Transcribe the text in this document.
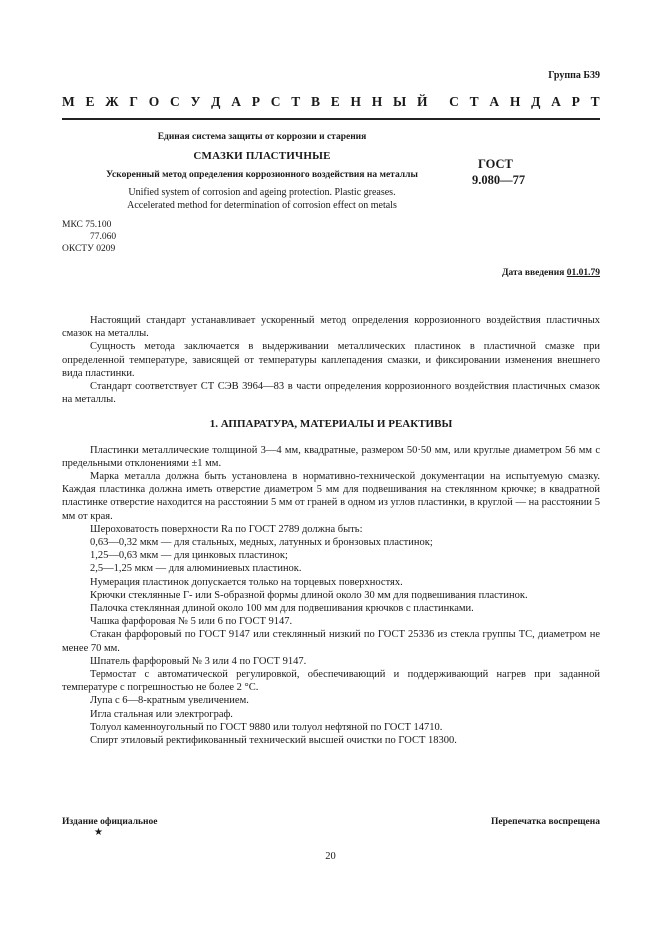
Группа Б39
М Е Ж Г О С У Д А Р С Т В Е Н Н Ы Й С Т А Н Д А Р Т
Единая система защиты от коррозии и старения
СМАЗКИ ПЛАСТИЧНЫЕ
Ускоренный метод определения коррозионного воздействия на металлы
Unified system of corrosion and ageing protection. Plastic greases.
Accelerated method for determination of corrosion effect on metals
ГОСТ
9.080—77
МКС 75.100
77.060
ОКСТУ 0209
Дата введения 01.01.79

Настоящий стандарт устанавливает ускоренный метод определения коррозионного воздействия пластичных смазок на металлы.

Сущность метода заключается в выдерживании металлических пластинок в пластичной смазке при определенной температуре, зависящей от температуры каплепадения смазки, и фиксировании изменения внешнего вида пластинки.

Стандарт соответствует СТ СЭВ 3964—83 в части определения коррозионного воздействия пластичных смазок на металлы.

1. АППАРАТУРА, МАТЕРИАЛЫ И РЕАКТИВЫ

Пластинки металлические толщиной 3—4 мм, квадратные, размером 50·50 мм, или круглые диаметром 56 мм с предельными отклонениями ±1 мм.

Марка металла должна быть установлена в нормативно-технической документации на испытуемую смазку. Каждая пластинка должна иметь отверстие диаметром 5 мм для подвешивания на стеклянном крючке; в квадратной пластинке отверстие находится на расстоянии 5 мм от граней в одном из углов пластинки, в круглой — на расстоянии 5 мм от края.

Шероховатость поверхности Ra по ГОСТ 2789 должна быть:

0,63—0,32 мкм — для стальных, медных, латунных и бронзовых пластинок;

1,25—0,63 мкм — для цинковых пластинок;

2,5—1,25 мкм — для алюминиевых пластинок.

Нумерация пластинок допускается только на торцевых поверхностях.

Крючки стеклянные Г- или S-образной формы длиной около 30 мм для подвешивания пластинок.

Палочка стеклянная длиной около 100 мм для подвешивания крючков с пластинками.

Чашка фарфоровая № 5 или 6 по ГОСТ 9147.

Стакан фарфоровый по ГОСТ 9147 или стеклянный низкий по ГОСТ 25336 из стекла группы ТС, диаметром не менее 70 мм.

Шпатель фарфоровый № 3 или 4 по ГОСТ 9147.

Термостат с автоматической регулировкой, обеспечивающий и поддерживающий нагрев при заданной температуре с погрешностью не более 2 °С.

Лупа с 6—8-кратным увеличением.

Игла стальная или электрограф.

Толуол каменноугольный по ГОСТ 9880 или толуол нефтяной по ГОСТ 14710.

Спирт этиловый ректификованный технический высшей очистки по ГОСТ 18300.

Издание официальное
★
Перепечатка воспрещена
20
